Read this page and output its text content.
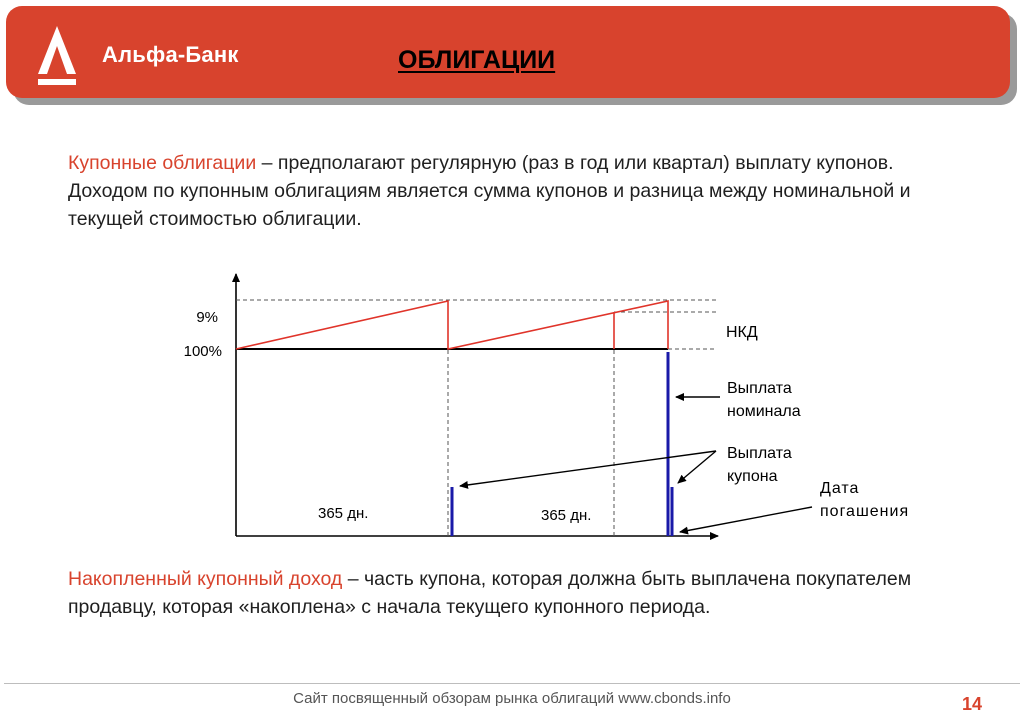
Альфа‑Банк	ОБЛИГАЦИИ
Купонные облигации – предполагают регулярную (раз в год или квартал) выплату купонов. Доходом по купонным облигациям является сумма купонов и разница между номинальной и текущей стоимостью облигации.
9%
100%
НКД
Выплата
номинала
Выплата
купона
Дата
погашения
365 дн.	365 дн.
Накопленный купонный доход – часть купона, которая должна быть выплачена покупателем продавцу, которая «накоплена» с начала текущего купонного периода.
Сайт посвященный обзорам рынка облигаций www.cbonds.info	14
